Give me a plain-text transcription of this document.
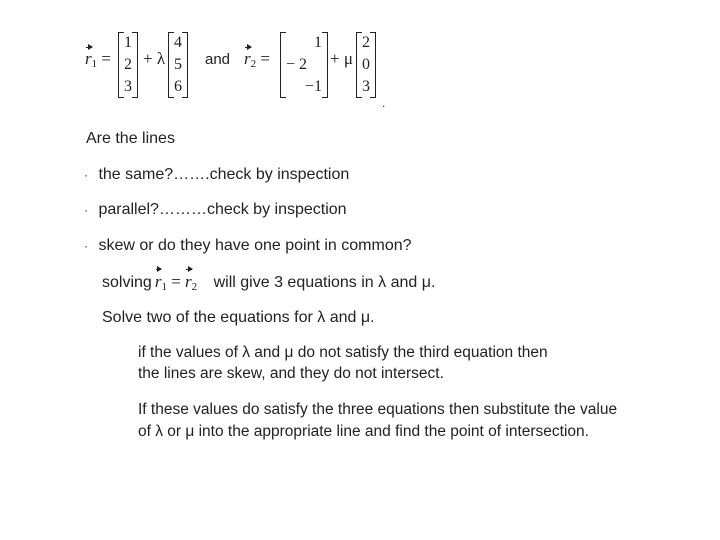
$r_1$ =
1
2
3
+ λ
4
5
6
and $r_2$ =
1
− 2
−1
+ μ
2
0
3
.
Are the lines
· the same?…….check by inspection
· parallel?………check by inspection
· skew or do they have one point in common?
solving $r_1 = r_2$ will give 3 equations in λ and μ.
Solve two of the equations for λ and μ.
if the values of λ and μ do not satisfy the third equation then
the lines are skew, and they do not intersect.
If these values do satisfy the three equations then substitute the value
of λ or μ into the appropriate line and find the point of intersection.
